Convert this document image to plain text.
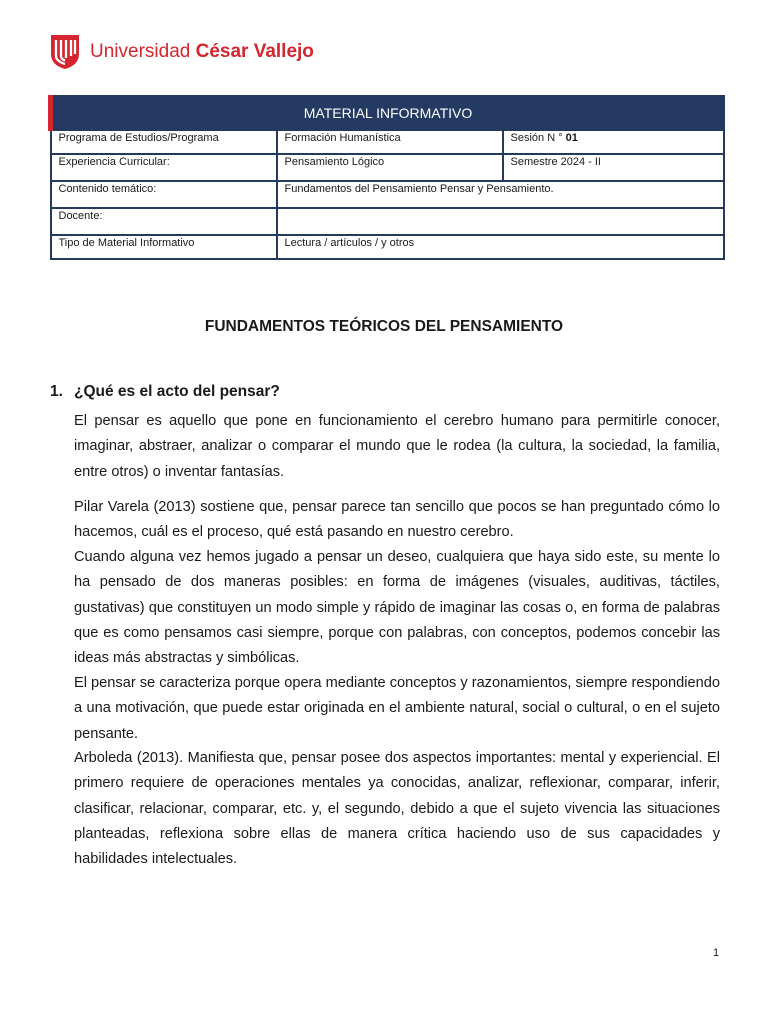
Universidad César Vallejo
MATERIAL INFORMATIVO		
Programa de Estudios/Programa	Formación Humanística	Sesión N ° 01
Experiencia Curricular:	Pensamiento Lógico	Semestre 2024 - II
Contenido temático:	Fundamentos del Pensamiento Pensar y Pensamiento.	
Docente:		
Tipo de Material Informativo	Lectura / artículos / y otros	
FUNDAMENTOS TEÓRICOS DEL PENSAMIENTO
1. ¿Qué es el acto del pensar?

El pensar es aquello que pone en funcionamiento el cerebro humano para permitirle conocer, imaginar, abstraer, analizar o comparar el mundo que le rodea (la cultura, la sociedad, la familia, entre otros) o inventar fantasías.

Pilar Varela (2013) sostiene que, pensar parece tan sencillo que pocos se han preguntado cómo lo hacemos, cuál es el proceso, qué está pasando en nuestro cerebro.

Cuando alguna vez hemos jugado a pensar un deseo, cualquiera que haya sido este, su mente lo ha pensado de dos maneras posibles: en forma de imágenes (visuales, auditivas, táctiles, gustativas) que constituyen un modo simple y rápido de imaginar las cosas o, en forma de palabras que es como pensamos casi siempre, porque con palabras, con conceptos, podemos concebir las ideas más abstractas y simbólicas.

El pensar se caracteriza porque opera mediante conceptos y razonamientos, siempre respondiendo a una motivación, que puede estar originada en el ambiente natural, social o cultural, o en el sujeto pensante.

Arboleda (2013). Manifiesta que, pensar posee dos aspectos importantes: mental y experiencial. El primero requiere de operaciones mentales ya conocidas, analizar, reflexionar, comparar, inferir, clasificar, relacionar, comparar, etc. y, el segundo, debido a que el sujeto vivencia las situaciones planteadas, reflexiona sobre ellas de manera crítica haciendo uso de sus capacidades y habilidades intelectuales.

1
